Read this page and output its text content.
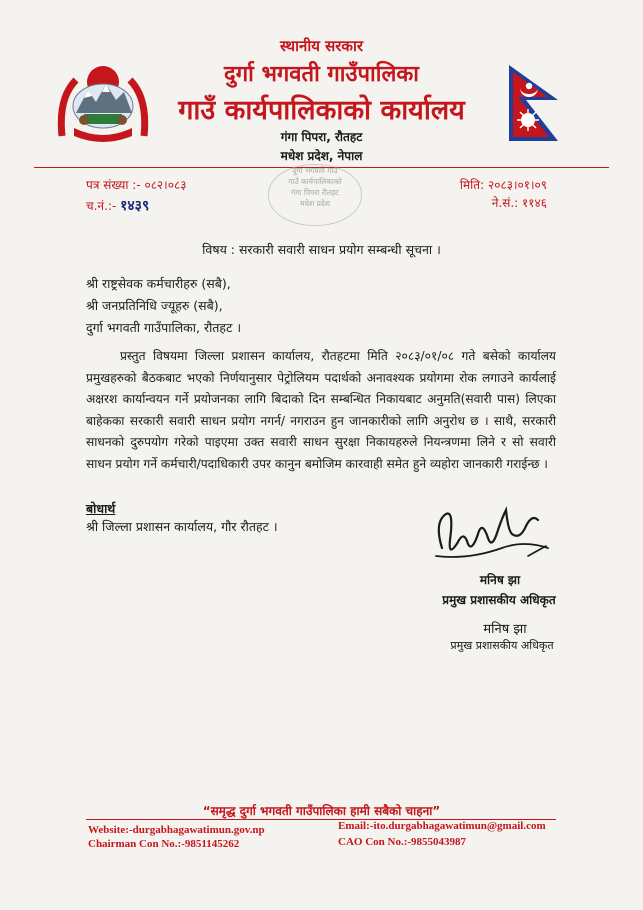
स्थानीय सरकार
दुर्गा भगवती गाउँपालिका
गाउँ कार्यपालिकाको कार्यालय
गंगा पिपरा, रौतहट
मधेश प्रदेश, नेपाल
पत्र संख्या :- ०८२।०८३
च.नं.:- १४३९
मिति: २०८३।०१।०९
ने.सं.: ११४६
दुर्गा भगवती गाउँ
गाउँ कार्यपालिकाको
गंगा पिपरा रौतहट
मधेश प्रदेश
विषय : सरकारी सवारी साधन प्रयोग सम्बन्धी सूचना ।
श्री राष्ट्रसेवक कर्मचारीहरु (सबै),
श्री जनप्रतिनिधि ज्यूहरु (सबै),
दुर्गा भगवती गाउँपालिका, रौतहट ।
प्रस्तुत विषयमा जिल्ला प्रशासन कार्यालय, रौतहटमा मिति २०८३/०१/०८ गते बसेको कार्यालय प्रमुखहरुको बैठकबाट भएको निर्णयानुसार पेट्रोलियम पदार्थको अनावश्यक प्रयोगमा रोक लगाउने कार्यलाई अक्षरश कार्यान्वयन गर्ने प्रयोजनका लागि बिदाको दिन सम्बन्धित निकायबाट अनुमति(सवारी पास) लिएका बाहेकका सरकारी सवारी साधन प्रयोग नगर्न/ नगराउन हुन जानकारीको लागि अनुरोध छ । साथै, सरकारी साधनको दुरुपयोग गरेको पाइएमा उक्त सवारी साधन सुरक्षा निकायहरुले नियन्त्रणमा लिने र सो सवारी साधन प्रयोग गर्ने कर्मचारी/पदाधिकारी उपर कानुन बमोजिम कारवाही समेत हुने व्यहोरा जानकारी गराईन्छ ।
बोधार्थ
श्री जिल्ला प्रशासन कार्यालय, गौर रौतहट ।
मनिष झा
प्रमुख प्रशासकीय अधिकृत
मनिष झा
प्रमुख प्रशासकीय अधिकृत
“समृद्ध दुर्गा भगवती गाउँपालिका हामी सबैको चाहना”
Website:-durgabhagawatimun.gov.np	Email:-ito.durgabhagawatimun@gmail.com
Chairman Con No.:-9851145262	CAO Con No.:-9855043987
